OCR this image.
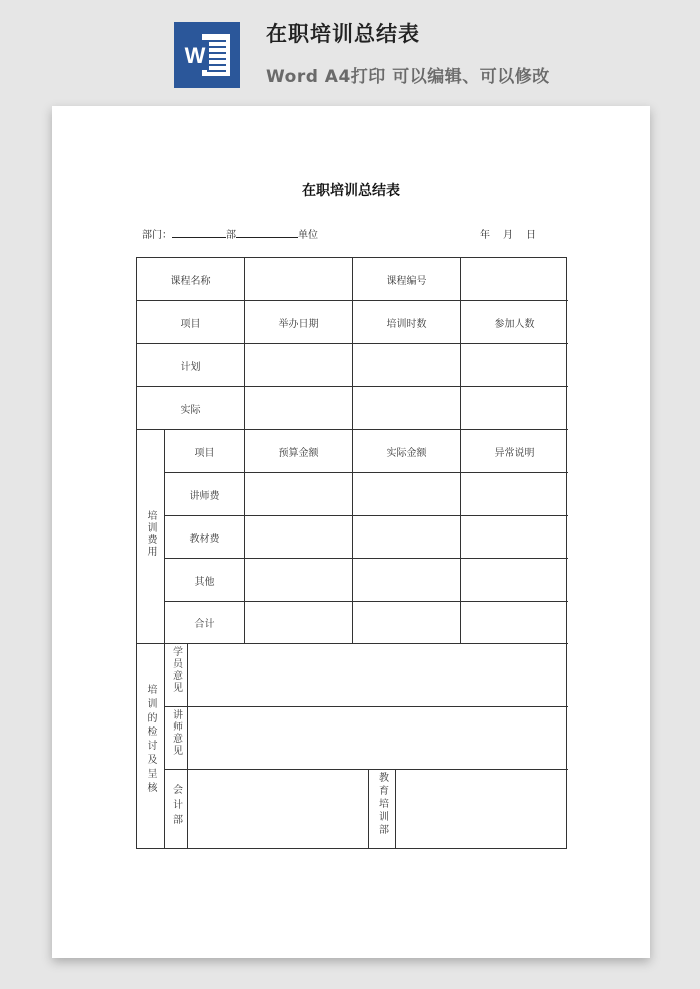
W
在职培训总结表
Word A4打印 可以编辑、可以修改
在职培训总结表
部门：	部	单位	年 月 日
课程名称	课程编号
项目	举办日期	培训时数	参加人数
计划
实际
培训费用
项目	预算金额	实际金额	异常说明
讲师费
教材费
其他
合计
培训的检讨及呈核
学员意见
讲师意见
会计部	教育培训部
